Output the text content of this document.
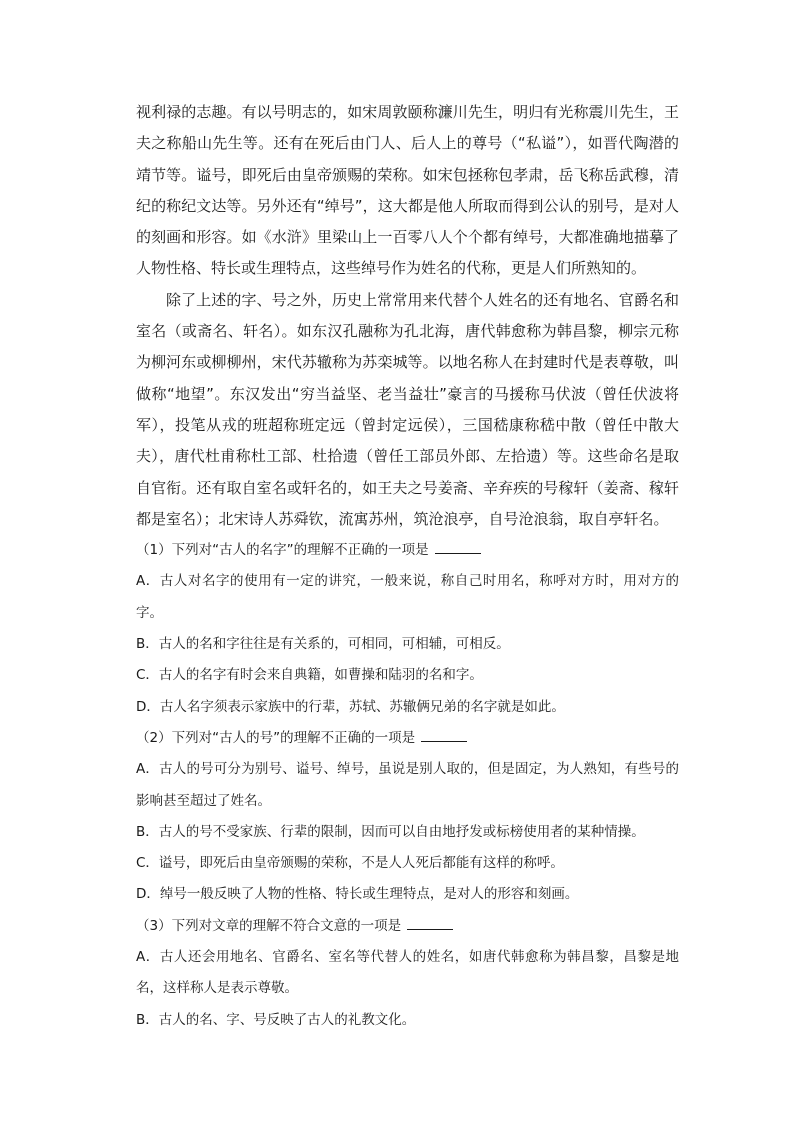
视利禄的志趣。有以号明志的，如宋周敦颐称濂川先生，明归有光称震川先生，王夫之称船山先生等。还有在死后由门人、后人上的尊号（“私谥”），如晋代陶潜的靖节等。谥号，即死后由皇帝颁赐的荣称。如宋包拯称包孝肃，岳飞称岳武穆，清纪的称纪文达等。另外还有“绰号”，这大都是他人所取而得到公认的别号，是对人的刻画和形容。如《水浒》里梁山上一百零八人个个都有绰号，大都准确地描摹了人物性格、特长或生理特点，这些绰号作为姓名的代称，更是人们所熟知的。

除了上述的字、号之外，历史上常常用来代替个人姓名的还有地名、官爵名和室名（或斋名、轩名）。如东汉孔融称为孔北海，唐代韩愈称为韩昌黎，柳宗元称为柳河东或柳柳州，宋代苏辙称为苏栾城等。以地名称人在封建时代是表尊敬，叫做称“地望”。东汉发出“穷当益坚、老当益壮”豪言的马援称马伏波（曾任伏波将军），投笔从戎的班超称班定远（曾封定远侯），三国嵇康称嵇中散（曾任中散大夫），唐代杜甫称杜工部、杜拾遗（曾任工部员外郎、左拾遗）等。这些命名是取自官衔。还有取自室名或轩名的，如王夫之号姜斋、辛弃疾的号稼轩（姜斋、稼轩都是室名）；北宋诗人苏舜钦，流寓苏州，筑沧浪亭，自号沧浪翁，取自亭轩名。

（1）下列对“古人的名字”的理解不正确的一项是

A．古人对名字的使用有一定的讲究，一般来说，称自己时用名，称呼对方时，用对方的字。

B．古人的名和字往往是有关系的，可相同，可相辅，可相反。

C．古人的名字有时会来自典籍，如曹操和陆羽的名和字。

D．古人名字须表示家族中的行辈，苏轼、苏辙俩兄弟的名字就是如此。

（2）下列对“古人的号”的理解不正确的一项是

A．古人的号可分为别号、谥号、绰号，虽说是别人取的，但是固定，为人熟知，有些号的影响甚至超过了姓名。

B．古人的号不受家族、行辈的限制，因而可以自由地抒发或标榜使用者的某种情操。

C．谥号，即死后由皇帝颁赐的荣称，不是人人死后都能有这样的称呼。

D．绰号一般反映了人物的性格、特长或生理特点，是对人的形容和刻画。

（3）下列对文章的理解不符合文意的一项是

A．古人还会用地名、官爵名、室名等代替人的姓名，如唐代韩愈称为韩昌黎，昌黎是地名，这样称人是表示尊敬。

B．古人的名、字、号反映了古人的礼教文化。
